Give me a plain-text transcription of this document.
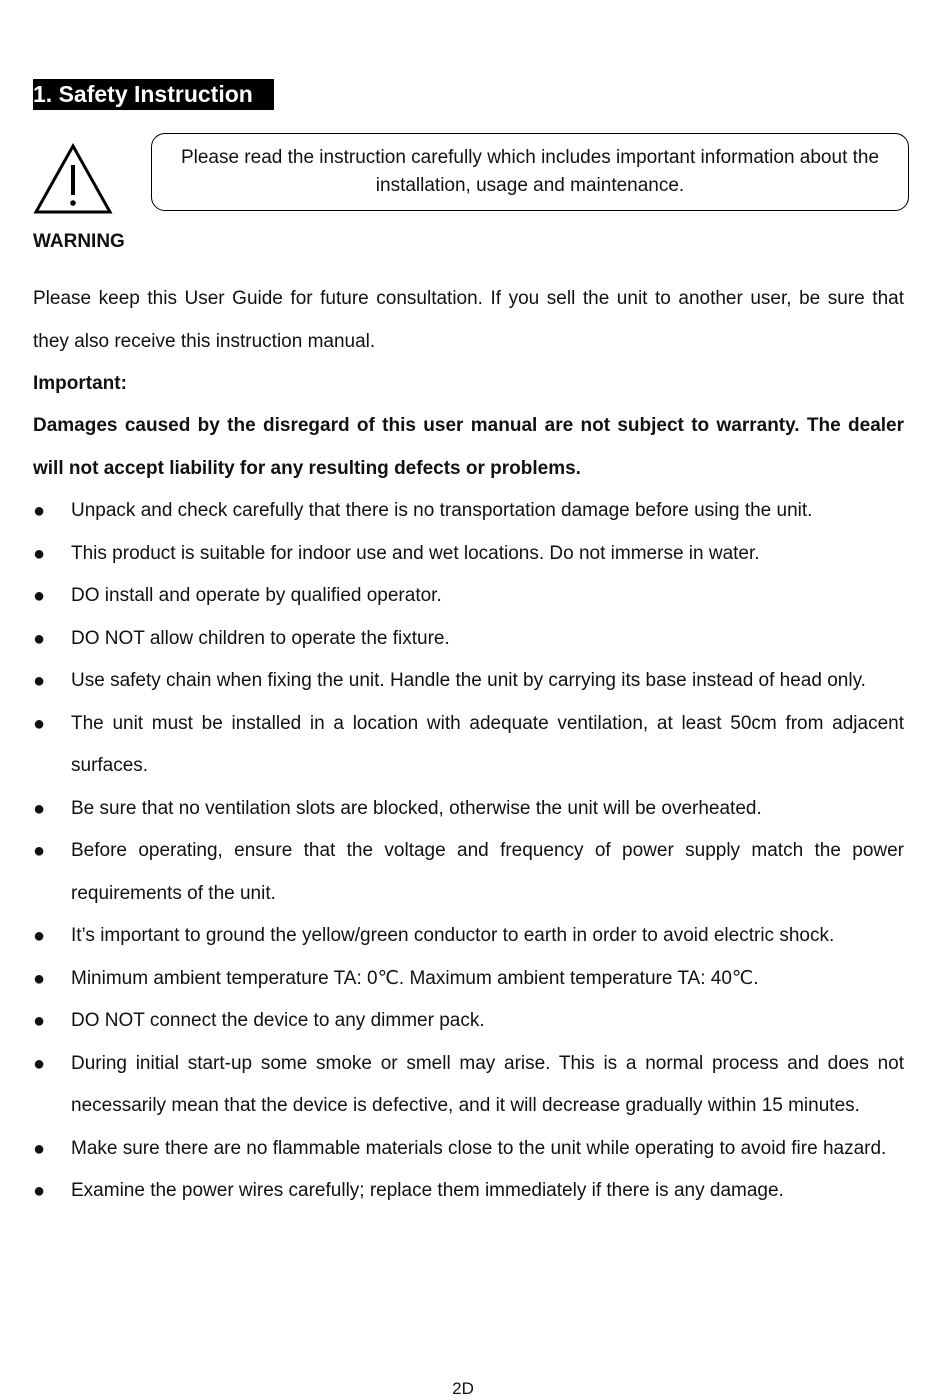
1. Safety Instruction
Please read the instruction carefully which includes important information about the installation, usage and maintenance.
WARNING
Please keep this User Guide for future consultation. If you sell the unit to another user, be sure that they also receive this instruction manual.
Important:
Damages caused by the disregard of this user manual are not subject to warranty. The dealer will not accept liability for any resulting defects or problems.
● Unpack and check carefully that there is no transportation damage before using the unit.
● This product is suitable for indoor use and wet locations. Do not immerse in water.
● DO install and operate by qualified operator.
● DO NOT allow children to operate the fixture.
● Use safety chain when fixing the unit. Handle the unit by carrying its base instead of head only.
● The unit must be installed in a location with adequate ventilation, at least 50cm from adjacent surfaces.
● Be sure that no ventilation slots are blocked, otherwise the unit will be overheated.
● Before operating, ensure that the voltage and frequency of power supply match the power requirements of the unit.
● It’s important to ground the yellow/green conductor to earth in order to avoid electric shock.
● Minimum ambient temperature TA: 0℃. Maximum ambient temperature TA: 40℃.
● DO NOT connect the device to any dimmer pack.
● During initial start-up some smoke or smell may arise. This is a normal process and does not necessarily mean that the device is defective, and it will decrease gradually within 15 minutes.
● Make sure there are no flammable materials close to the unit while operating to avoid fire hazard.
● Examine the power wires carefully; replace them immediately if there is any damage.
2D
